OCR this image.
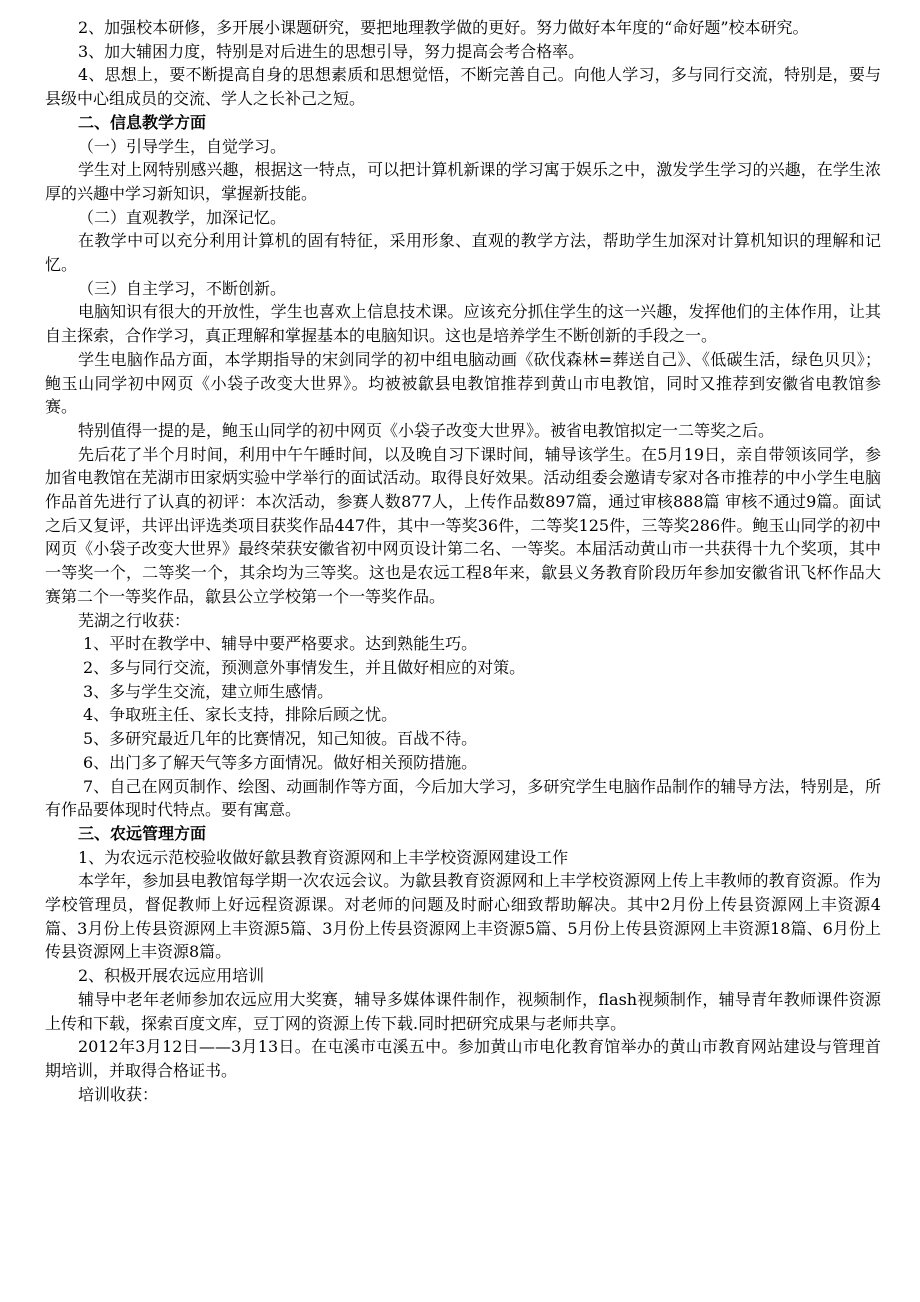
2、加强校本研修，多开展小课题研究，要把地理教学做的更好。努力做好本年度的“命好题”校本研究。

3、加大辅困力度，特别是对后进生的思想引导，努力提高会考合格率。

4、思想上，要不断提高自身的思想素质和思想觉悟，不断完善自己。向他人学习，多与同行交流，特别是，要与县级中心组成员的交流、学人之长补己之短。

二、信息教学方面

（一）引导学生，自觉学习。

学生对上网特别感兴趣，根据这一特点，可以把计算机新课的学习寓于娱乐之中，激发学生学习的兴趣，在学生浓厚的兴趣中学习新知识，掌握新技能。

（二）直观教学，加深记忆。

在教学中可以充分利用计算机的固有特征，采用形象、直观的教学方法，帮助学生加深对计算机知识的理解和记忆。

（三）自主学习，不断创新。

电脑知识有很大的开放性，学生也喜欢上信息技术课。应该充分抓住学生的这一兴趣，发挥他们的主体作用，让其自主探索，合作学习，真正理解和掌握基本的电脑知识。这也是培养学生不断创新的手段之一。

学生电脑作品方面，本学期指导的宋剑同学的初中组电脑动画《砍伐森林=葬送自己》、《低碳生活，绿色贝贝》；鲍玉山同学初中网页《小袋子改变大世界》。均被被歙县电教馆推荐到黄山市电教馆，同时又推荐到安徽省电教馆参赛。

特别值得一提的是，鲍玉山同学的初中网页《小袋子改变大世界》。被省电教馆拟定一二等奖之后。

先后花了半个月时间，利用中午午睡时间，以及晚自习下课时间，辅导该学生。在5月19日，亲自带领该同学，参加省电教馆在芜湖市田家炳实验中学举行的面试活动。取得良好效果。活动组委会邀请专家对各市推荐的中小学生电脑作品首先进行了认真的初评：本次活动，参赛人数877人，上传作品数897篇，通过审核888篇 审核不通过9篇。面试之后又复评，共评出评选类项目获奖作品447件，其中一等奖36件，二等奖125件，三等奖286件。鲍玉山同学的初中网页《小袋子改变大世界》最终荣获安徽省初中网页设计第二名、一等奖。本届活动黄山市一共获得十九个奖项，其中一等奖一个，二等奖一个，其余均为三等奖。这也是农远工程8年来，歙县义务教育阶段历年参加安徽省讯飞杯作品大赛第二个一等奖作品，歙县公立学校第一个一等奖作品。

芜湖之行收获：

1、平时在教学中、辅导中要严格要求。达到熟能生巧。

2、多与同行交流，预测意外事情发生，并且做好相应的对策。

3、多与学生交流，建立师生感情。

4、争取班主任、家长支持，排除后顾之忧。

5、多研究最近几年的比赛情况，知己知彼。百战不待。

6、出门多了解天气等多方面情况。做好相关预防措施。

7、自己在网页制作、绘图、动画制作等方面，今后加大学习，多研究学生电脑作品制作的辅导方法，特别是，所有作品要体现时代特点。要有寓意。

三、农远管理方面

1、为农远示范校验收做好歙县教育资源网和上丰学校资源网建设工作

本学年，参加县电教馆每学期一次农远会议。为歙县教育资源网和上丰学校资源网上传上丰教师的教育资源。作为学校管理员，督促教师上好远程资源课。对老师的问题及时耐心细致帮助解决。其中2月份上传县资源网上丰资源4篇、3月份上传县资源网上丰资源5篇、3月份上传县资源网上丰资源5篇、5月份上传县资源网上丰资源18篇、6月份上传县资源网上丰资源8篇。

2、积极开展农远应用培训

辅导中老年老师参加农远应用大奖赛，辅导多媒体课件制作，视频制作，flash视频制作，辅导青年教师课件资源上传和下载，探索百度文库，豆丁网的资源上传下载.同时把研究成果与老师共享。

2012年3月12日——3月13日。在屯溪市屯溪五中。参加黄山市电化教育馆举办的黄山市教育网站建设与管理首期培训，并取得合格证书。

培训收获：
